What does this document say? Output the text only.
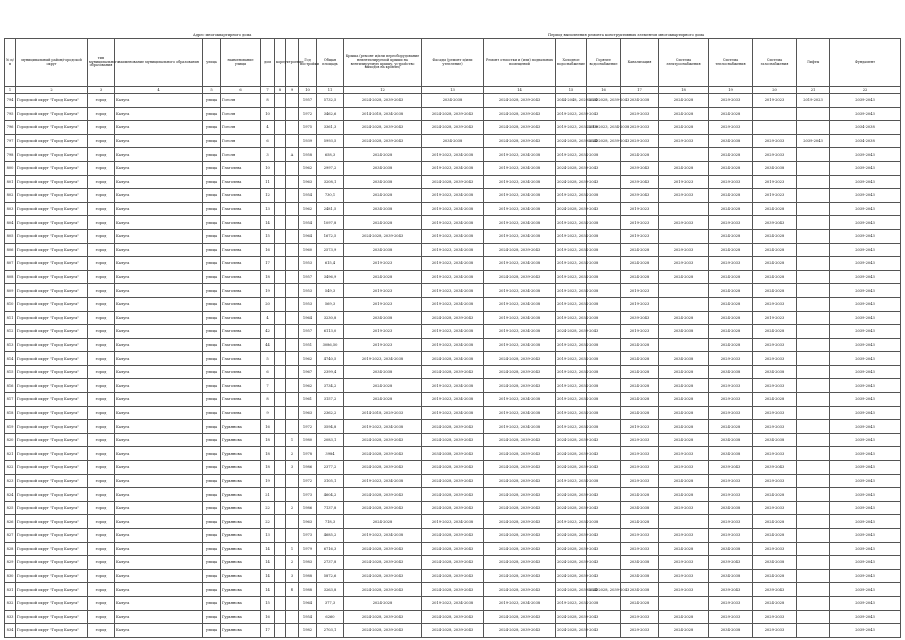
Адрес многоквартирного дома	Период выполнения ремонта конструктивных элементов многоквартирного дома
№ п/п	муниципальный район/городской округ	тип муниципального образования	наименование муниципального образования	улица	наименование улицы	дом	корпус	строение	Год постройки	Общая площадь	Крыша (ремонт и/или переоборудование невентилируемой крыши на вентилируемую крышу, устройство выходов на кровлю)	Фасады (ремонт и/или утепление)	Ремонт отмостки и (или) подвальных помещений	Холодное водоснабжение	Горячее водоснабжение	Канализация	Система электроснабжения	Система теплоснабжения	Система газоснабжения	Лифты	Фундамент
1	2	3	4	5	6	7	8	9	10	11	12	13	14	15	16	17	18	19	20	21	22
794	Городской округ "Город Калуга"	город	Калуга	улица	Гоголя	8			1957	5732,5	2024-2028, 2039-2043	2034-2038	2024-2028, 2039-2043	2044-2048, 2029-2033	2024-2028, 2039-2043	2034-2038	2024-2028	2029-2033	2019-2023	2019-2023	2039-2043
795	Городской округ "Город Калуга"	город	Калуга	улица	Гоголя	10			1972	3462,6	2014-2018, 2034-2038	2024-2028, 2039-2043	2024-2028, 2039-2043	2019-2023, 2039-2043		2029-2033	2024-2028	2024-2028			2039-2043
796	Городской округ "Город Калуга"	город	Калуга	улица	Гоголя	4			1975	3361,3	2024-2028, 2039-2043	2024-2028, 2039-2043	2024-2028, 2039-2043	2019-2023, 2034-2038	2019-2023, 2034-2038	2029-2033	2024-2028	2029-2033			2034-2038
797	Городской округ "Город Калуга"	город	Калуга	улица	Гоголя	6			1939	5993,5	2024-2028, 2039-2043	2034-2038	2024-2028, 2039-2043	2024-2028, 2039-2043	2024-2028, 2039-2043	2029-2033	2029-2033	2034-2038	2029-2033	2039-2043	2034-2038
798	Городской округ "Город Калуга"	город	Калуга	улица	Гоголя	3		А	1958	658,3	2024-2028	2019-2023, 2034-2038	2019-2023, 2034-2038	2019-2023, 2034-2038		2024-2028		2024-2028	2029-2033		2039-2043
800	Городской округ "Город Калуга"	город	Калуга	улица	Глаголева	10			1962	2997,2	2034-2038	2019-2023, 2034-2038	2019-2023, 2034-2038	2024-2028, 2039-2043		2039-2043	2024-2028	2024-2028	2034-2038		2039-2043
801	Городской округ "Город Калуга"	город	Калуга	улица	Глаголева	11			1963	3208,1	2034-2038	2024-2028, 2039-2043	2019-2023, 2034-2038	2024-2028, 2039-2043		2039-2043	2019-2023	2029-2033	2019-2023		2039-2043
802	Городской округ "Город Калуга"	город	Калуга	улица	Глаголева	12			1954	730,1	2024-2028	2019-2023, 2034-2038	2019-2023, 2034-2038	2019-2023, 2034-2038		2039-2043	2029-2033	2024-2028	2019-2023		2039-2043
803	Городской округ "Город Калуга"	город	Калуга	улица	Глаголева	13			1962	2481,5	2034-2038	2019-2023, 2034-2038	2019-2023, 2034-2038	2024-2028, 2039-2043		2019-2023		2024-2028	2024-2028		2039-2043
804	Городской округ "Город Калуга"	город	Калуга	улица	Глаголева	14			1954	1097,8	2024-2028	2019-2023, 2034-2038	2019-2023, 2034-2038	2019-2023, 2034-2038		2019-2023	2029-2033	2029-2033	2039-2043		2039-2043
805	Городской округ "Город Калуга"	город	Калуга	улица	Глаголева	15			1964	1672,5	2024-2028, 2039-2043	2019-2023, 2034-2038	2019-2023, 2034-2038	2019-2023, 2034-2038		2019-2023		2024-2028	2024-2028		2039-2043
806	Городской округ "Город Калуга"	город	Калуга	улица	Глаголева	16			1960	2573,9	2034-2038	2019-2023, 2034-2038	2024-2028, 2039-2043	2019-2023, 2034-2038		2024-2028	2029-2033	2024-2028	2024-2028		2039-2043
807	Городской округ "Город Калуга"	город	Калуга	улица	Глаголева	17			1953	615,4	2019-2023	2019-2023, 2034-2038	2019-2023, 2034-2038	2019-2023, 2034-2038		2024-2028	2029-2033	2029-2033	2024-2028		2039-2043
808	Городской округ "Город Калуга"	город	Калуга	улица	Глаголева	18			1957	3496,9	2024-2028	2019-2023, 2034-2038	2024-2028, 2039-2043	2019-2023, 2034-2038		2024-2028	2024-2028	2024-2028	2024-2028		2039-2043
809	Городской округ "Город Калуга"	город	Калуга	улица	Глаголева	19			1953	549,3	2019-2023	2019-2023, 2034-2038	2019-2023, 2034-2038	2019-2023, 2034-2038		2019-2023		2024-2028	2024-2028		2039-2043
810	Городской округ "Город Калуга"	город	Калуга	улица	Глаголева	20			1953	569,3	2019-2023	2019-2023, 2034-2038	2019-2023, 2034-2038	2019-2023, 2034-2038		2019-2023		2024-2028	2029-2033		2039-2043
811	Городской округ "Город Калуга"	город	Калуга	улица	Глаголева	4			1964	3230,8	2034-2038	2024-2028, 2039-2043	2019-2023, 2034-2038	2019-2023, 2034-2038		2039-2043	2024-2028	2024-2028	2019-2023		2039-2043
812	Городской округ "Город Калуга"	город	Калуга	улица	Глаголева	42			1957	6113,0	2019-2023	2019-2023, 2034-2038	2019-2023, 2034-2038	2024-2028, 2039-2043		2019-2023	2034-2038	2024-2028	2024-2028		2039-2043
813	Городской округ "Город Калуга"	город	Калуга	улица	Глаголева	44			1951	3086,50	2019-2023	2019-2023, 2034-2038	2019-2023, 2034-2038	2019-2023, 2034-2038		2024-2028		2024-2028	2029-2033		2039-2043
814	Городской округ "Город Калуга"	город	Калуга	улица	Глаголева	5			1962	4740,5	2019-2023, 2034-2038	2024-2028, 2034-2038	2024-2028, 2039-2043	2019-2023, 2034-2038		2024-2028	2034-2038	2029-2033	2029-2033		2039-2043
815	Городской округ "Город Калуга"	город	Калуга	улица	Глаголева	6			1967	2399,4	2034-2038	2024-2028, 2039-2043	2024-2028, 2039-2043	2019-2023, 2034-2038		2024-2028	2024-2028	2034-2038	2034-2038		2039-2043
816	Городской округ "Город Калуга"	город	Калуга	улица	Глаголева	7			1962	3734,2	2024-2028	2019-2023, 2034-2038	2024-2028, 2039-2043	2019-2023, 2034-2038		2024-2028	2024-2028	2029-2033	2029-2033		2039-2043
817	Городской округ "Город Калуга"	город	Калуга	улица	Глаголева	8			1961	3157,2	2024-2028	2019-2023, 2034-2038	2019-2023, 2034-2038	2019-2023, 2034-2038		2024-2028	2024-2028	2029-2033	2024-2028		2039-2043
818	Городской округ "Город Калуга"	город	Калуга	улица	Глаголева	9			1963	2362,2	2014-2018, 2029-2033	2019-2023, 2034-2038	2019-2023, 2034-2038	2019-2023, 2034-2038		2024-2028	2024-2028	2029-2033	2029-2033		2039-2043
819	Городской округ "Город Калуга"	город	Калуга	улица	Гурьянова	16			1972	3594,8	2019-2023, 2034-2038	2024-2028, 2039-2043	2019-2023, 2034-2038	2019-2023, 2034-2038		2019-2023	2024-2028	2024-2028	2029-2033		2039-2043
820	Городской округ "Город Калуга"	город	Калуга	улица	Гурьянова	18		1	1980	2083,1	2024-2028, 2039-2043	2024-2028, 2039-2043	2024-2028, 2039-2043	2024-2028, 2039-2043		2029-2033	2024-2028	2034-2038	2034-2038		2039-2043
821	Городской округ "Город Калуга"	город	Калуга	улица	Гурьянова	18		2	1978	3984	2024-2028, 2039-2043	2034-2038, 2039-2043	2024-2028, 2039-2043	2024-2028, 2039-2043		2029-2033	2029-2033	2034-2038	2029-2033		2039-2043
822	Городской округ "Город Калуга"	город	Калуга	улица	Гурьянова	18		3	1986	2377,2	2024-2028, 2039-2043	2024-2028, 2039-2043	2024-2028, 2039-2043	2024-2028, 2039-2043		2029-2033	2029-2033	2039-2043	2039-2043		2039-2043
823	Городской округ "Город Калуга"	город	Калуга	улица	Гурьянова	19			1972	3105,1	2019-2023, 2034-2038	2024-2028, 2039-2043	2024-2028, 2039-2043	2019-2023, 2034-2038		2029-2033	2024-2028	2029-2033	2029-2033		2039-2043
824	Городской округ "Город Калуга"	город	Калуга	улица	Гурьянова	21			1973	4604,2	2024-2028, 2039-2043	2024-2028, 2039-2043	2024-2028, 2039-2043	2024-2028, 2039-2043		2024-2028	2024-2028	2029-2033	2024-2028		2039-2043
825	Городской округ "Город Калуга"	город	Калуга	улица	Гурьянова	22		2	1986	7137,8	2024-2028, 2039-2043	2024-2028, 2039-2043	2024-2028, 2039-2043	2024-2028, 2039-2043		2034-2038	2029-2033	2034-2038	2029-2033		2039-2043
826	Городской округ "Город Калуга"	город	Калуга	улица	Гурьянова	22			1963	718,3	2024-2028	2019-2023, 2034-2038	2024-2028, 2039-2043	2019-2023, 2034-2038		2024-2028		2029-2033	2024-2028		2039-2043
827	Городской округ "Город Калуга"	город	Калуга	улица	Гурьянова	13			1973	4685,2	2019-2023, 2034-2038	2024-2028, 2039-2043	2024-2028, 2039-2043	2024-2028, 2039-2043		2029-2033	2029-2033	2029-2033	2024-2028		2039-2043
828	Городской округ "Город Калуга"	город	Калуга	улица	Гурьянова	14		1	1979	6716,3	2024-2028, 2039-2043	2024-2028, 2039-2043	2024-2028, 2039-2043	2024-2028, 2039-2043		2029-2033	2024-2028	2034-2038	2029-2033		2039-2043
829	Городской округ "Город Калуга"	город	Калуга	улица	Гурьянова	14		2	1983	2737,8	2024-2028, 2039-2043	2024-2028, 2039-2043	2024-2028, 2039-2043	2024-2028, 2039-2043		2034-2038	2029-2033	2039-2043	2034-2038		2039-2043
830	Городской округ "Город Калуга"	город	Калуга	улица	Гурьянова	14		3	1988	5872,6	2024-2028, 2039-2043	2024-2028, 2039-2043	2024-2028, 2039-2043	2024-2028, 2039-2043		2034-2038	2029-2033	2034-2038	2024-2028		2039-2043
831	Городской округ "Город Калуга"	город	Калуга	улица	Гурьянова	14		б	1988	3263,8	2024-2028, 2039-2043	2024-2028, 2039-2043	2024-2028, 2039-2043	2024-2028, 2039-2043	2024-2028, 2039-2043	2034-2038	2029-2033	2039-2043	2039-2043		2039-2043
832	Городской округ "Город Калуга"	город	Калуга	улица	Гурьянова	15			1964	377,3	2024-2028	2019-2023, 2034-2038	2019-2023, 2034-2038	2019-2023, 2034-2038		2024-2028		2029-2033	2024-2028		2039-2043
833	Городской округ "Город Калуга"	город	Калуга	улица	Гурьянова	16			1954	6260	2024-2028, 2039-2043	2024-2028, 2039-2043	2024-2028, 2039-2043	2024-2028, 2039-2043		2029-2033	2024-2028	2029-2033	2029-2033		2039-2043
834	Городской округ "Город Калуга"	город	Калуга	улица	Гурьянова	17			1982	2703,1	2024-2028, 2039-2043	2024-2028, 2039-2043	2024-2028, 2039-2043	2024-2028, 2039-2043		2029-2033	2024-2028	2034-2038	2029-2033		2039-2043
